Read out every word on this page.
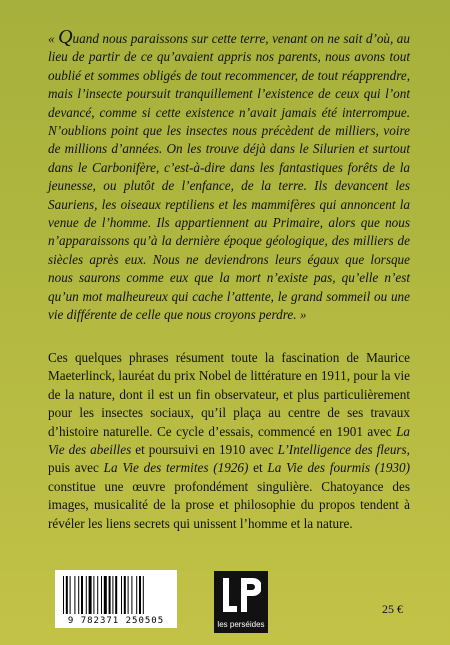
« Quand nous paraissons sur cette terre, venant on ne sait d’où, au lieu de partir de ce qu’avaient appris nos parents, nous avons tout oublié et sommes obligés de tout recommencer, de tout réapprendre, mais l’insecte poursuit tranquillement l’existence de ceux qui l’ont devancé, comme si cette existence n’avait jamais été interrompue. N’oublions point que les insectes nous précèdent de milliers, voire de millions d’années. On les trouve déjà dans le Silurien et surtout dans le Carbonifère, c’est-à-dire dans les fantastiques forêts de la jeunesse, ou plutôt de l’enfance, de la terre. Ils devancent les Sauriens, les oiseaux reptiliens et les mammifères qui annoncent la venue de l’homme. Ils appartiennent au Primaire, alors que nous n’apparaissons qu’à la dernière époque géologique, des milliers de siècles après eux. Nous ne deviendrons leurs égaux que lorsque nous saurons comme eux que la mort n’existe pas, qu’elle n’est qu’un mot malheureux qui cache l’attente, le grand sommeil ou une vie différente de celle que nous croyons perdre. »

Ces quelques phrases résument toute la fascination de Maurice Maeterlinck, lauréat du prix Nobel de littérature en 1911, pour la vie de la nature, dont il est un fin observateur, et plus particulièrement pour les insectes sociaux, qu’il plaça au centre de ses travaux d’histoire naturelle. Ce cycle d’essais, commencé en 1901 avec La Vie des abeilles et poursuivi en 1910 avec L’Intelligence des fleurs, puis avec La Vie des termites (1926) et La Vie des fourmis (1930) constitue une œuvre profondément singulière. Chatoyance des images, musicalité de la prose et philosophie du propos tendent à révéler les liens secrets qui unissent l’homme et la nature.

9 782371 250505	les perséides
25 €
